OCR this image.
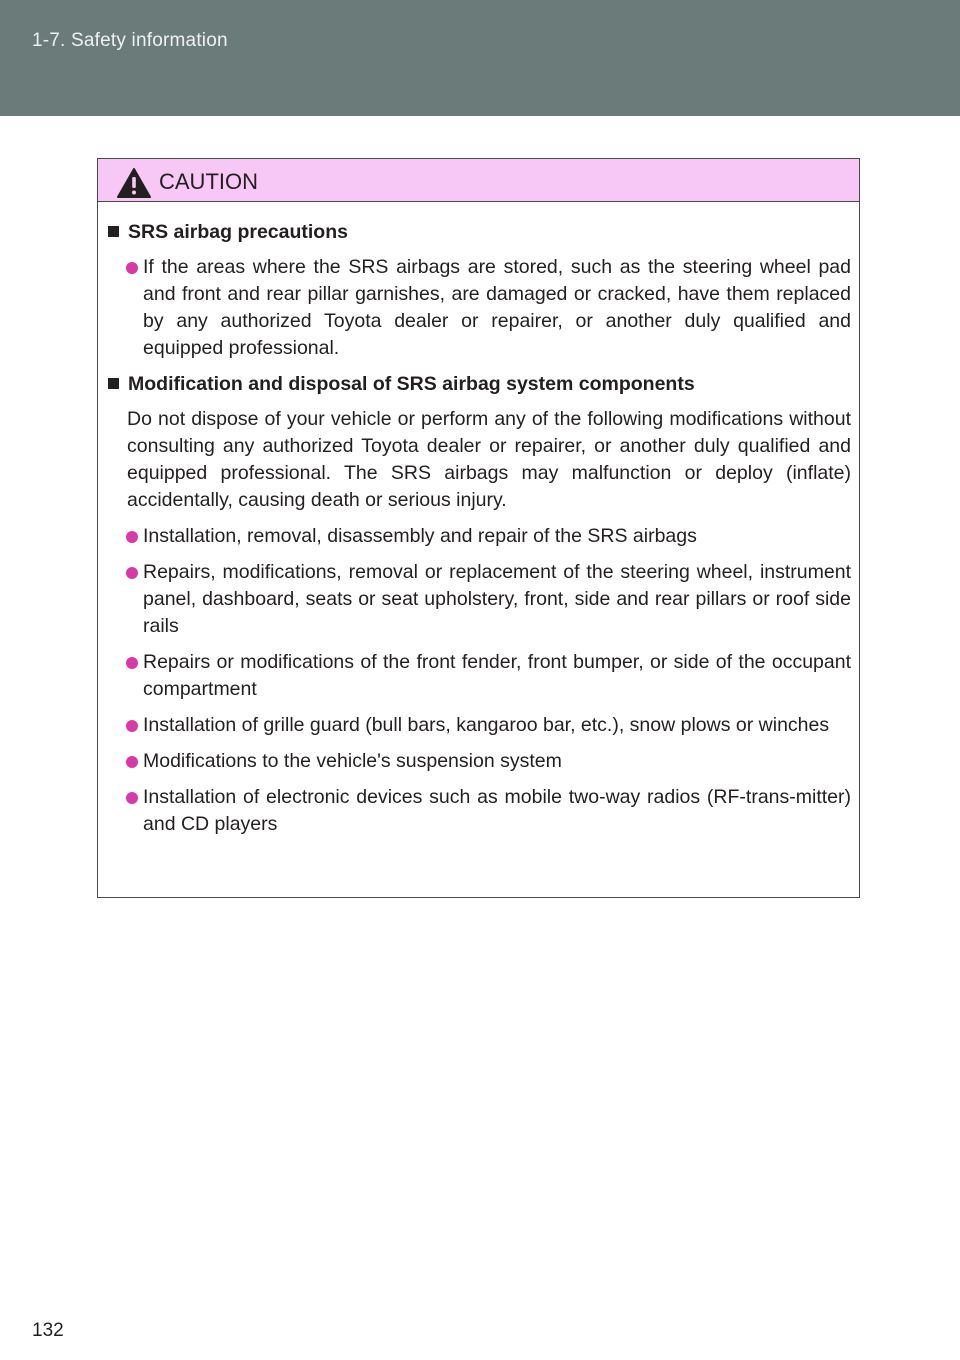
1-7. Safety information
CAUTION
SRS airbag precautions
If the areas where the SRS airbags are stored, such as the steering wheel pad and front and rear pillar garnishes, are damaged or cracked, have them replaced by any authorized Toyota dealer or repairer, or another duly qualified and equipped professional.
Modification and disposal of SRS airbag system components
Do not dispose of your vehicle or perform any of the following modifications without consulting any authorized Toyota dealer or repairer, or another duly qualified and equipped professional. The SRS airbags may malfunction or deploy (inflate) accidentally, causing death or serious injury.
Installation, removal, disassembly and repair of the SRS airbags
Repairs, modifications, removal or replacement of the steering wheel, instrument panel, dashboard, seats or seat upholstery, front, side and rear pillars or roof side rails
Repairs or modifications of the front fender, front bumper, or side of the occupant compartment
Installation of grille guard (bull bars, kangaroo bar, etc.), snow plows or winches
Modifications to the vehicle's suspension system
Installation of electronic devices such as mobile two-way radios (RF-trans-mitter) and CD players
132
